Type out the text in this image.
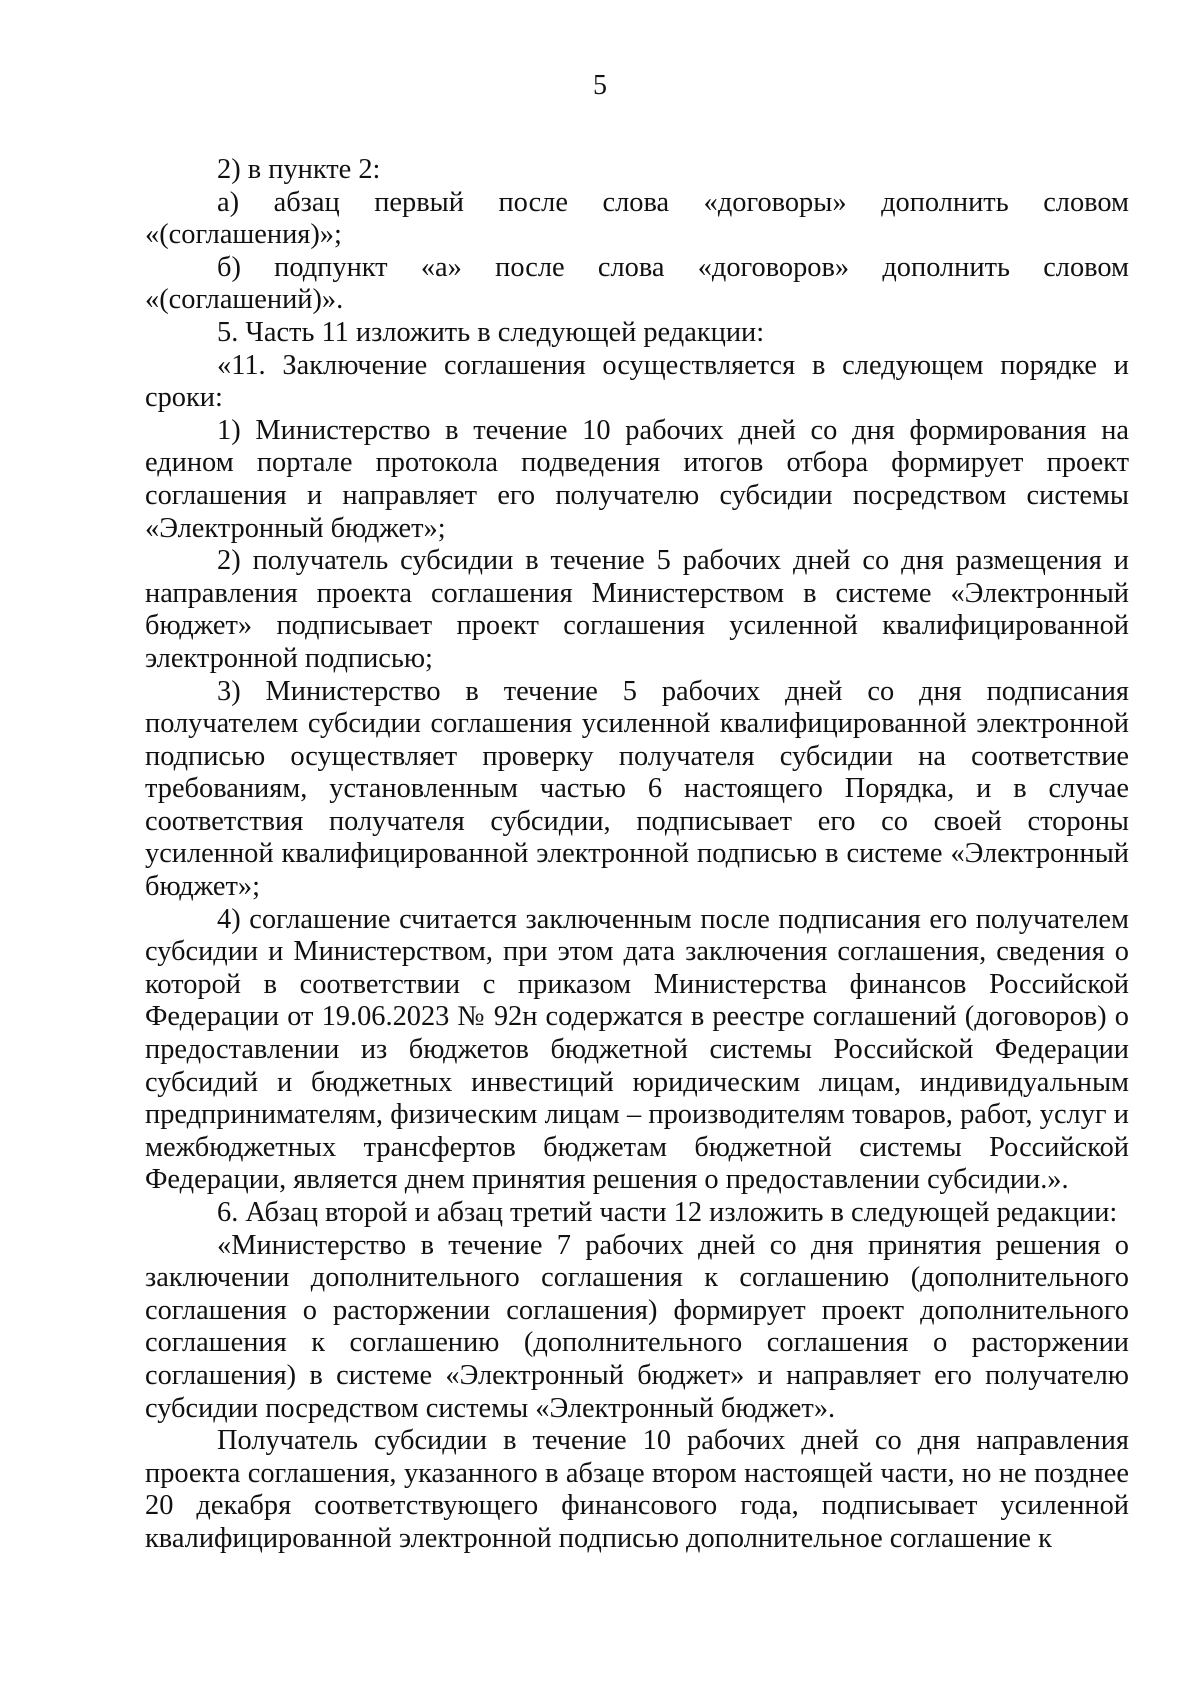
5

2) в пункте 2:

а) абзац первый после слова «договоры» дополнить словом «(соглашения)»;

б) подпункт «а» после слова «договоров» дополнить словом «(соглашений)».

5. Часть 11 изложить в следующей редакции:

«11. Заключение соглашения осуществляется в следующем порядке и сроки:

1) Министерство в течение 10 рабочих дней со дня формирования на едином портале протокола подведения итогов отбора формирует проект соглашения и направляет его получателю субсидии посредством системы «Электронный бюджет»;

2) получатель субсидии в течение 5 рабочих дней со дня размещения и направления проекта соглашения Министерством в системе «Электронный бюджет» подписывает проект соглашения усиленной квалифицированной электронной подписью;

3) Министерство в течение 5 рабочих дней со дня подписания получателем субсидии соглашения усиленной квалифицированной электронной подписью осуществляет проверку получателя субсидии на соответствие требованиям, установленным частью 6 настоящего Порядка, и в случае соответствия получателя субсидии, подписывает его со своей стороны усиленной квалифицированной электронной подписью в системе «Электронный бюджет»;

4) соглашение считается заключенным после подписания его получателем субсидии и Министерством, при этом дата заключения соглашения, сведения о которой в соответствии с приказом Министерства финансов Российской Федерации от 19.06.2023 № 92н содержатся в реестре соглашений (договоров) о предоставлении из бюджетов бюджетной системы Российской Федерации субсидий и бюджетных инвестиций юридическим лицам, индивидуальным предпринимателям, физическим лицам – производителям товаров, работ, услуг и межбюджетных трансфертов бюджетам бюджетной системы Российской Федерации, является днем принятия решения о предоставлении субсидии.».

6. Абзац второй и абзац третий части 12 изложить в следующей редакции:

«Министерство в течение 7 рабочих дней со дня принятия решения о заключении дополнительного соглашения к соглашению (дополнительного соглашения о расторжении соглашения) формирует проект дополнительного соглашения к соглашению (дополнительного соглашения о расторжении соглашения) в системе «Электронный бюджет» и направляет его получателю субсидии посредством системы «Электронный бюджет».

Получатель субсидии в течение 10 рабочих дней со дня направления проекта соглашения, указанного в абзаце втором настоящей части, но не позднее 20 декабря соответствующего финансового года, подписывает усиленной квалифицированной электронной подписью дополнительное соглашение к
